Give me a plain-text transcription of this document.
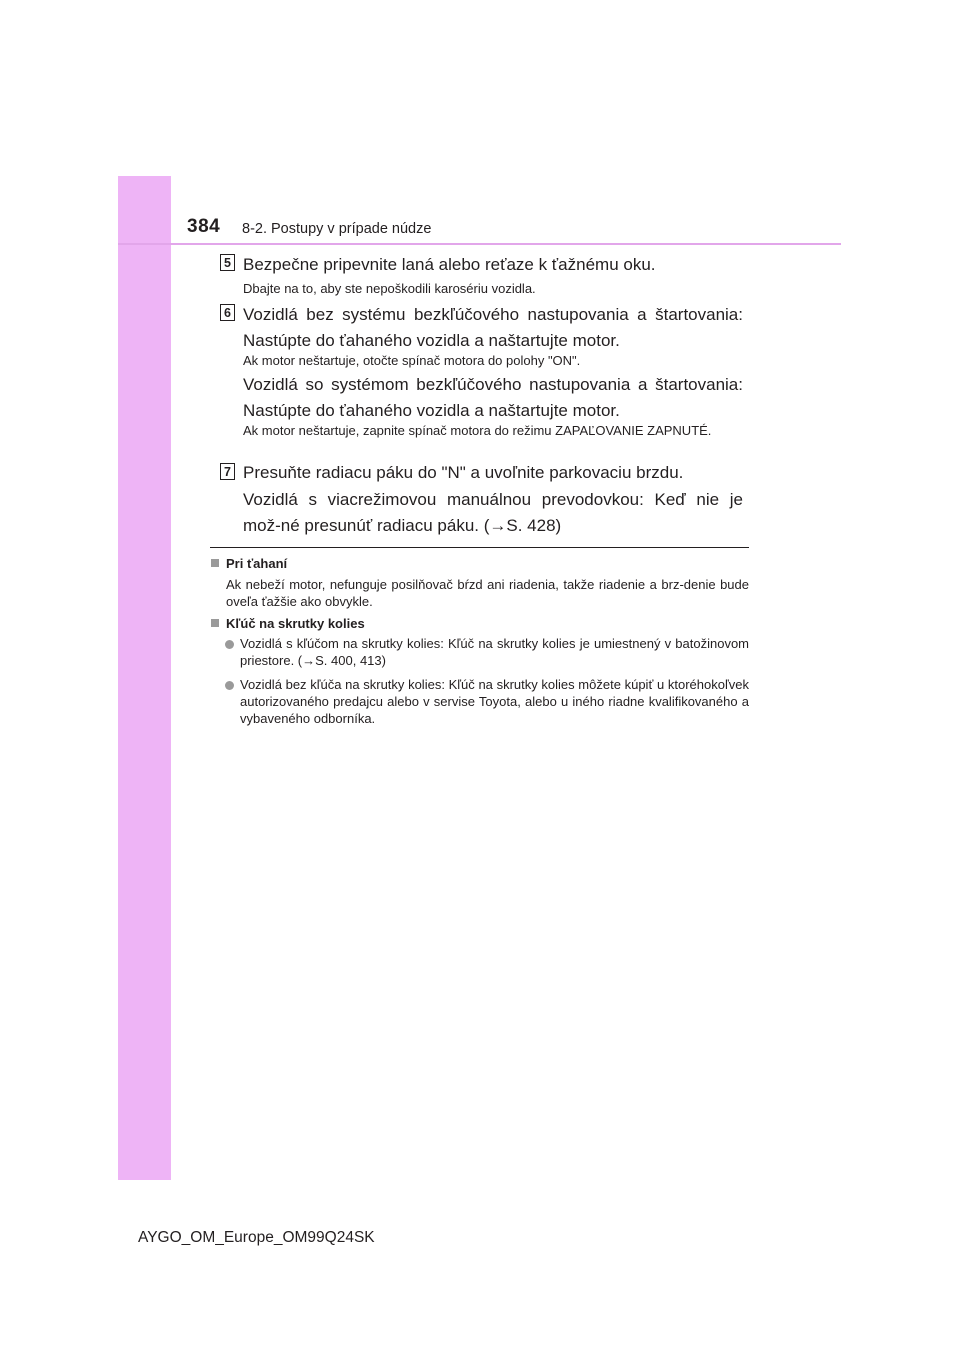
384 8-2. Postupy v prípade núdze
5 Bezpečne pripevnite laná alebo reťaze k ťažnému oku.
Dbajte na to, aby ste nepoškodili karosériu vozidla.
6 Vozidlá bez systému bezkľúčového nastupovania a štartovania: Nastúpte do ťahaného vozidla a naštartujte motor.
Ak motor neštartuje, otočte spínač motora do polohy "ON".
Vozidlá so systémom bezkľúčového nastupovania a štartovania: Nastúpte do ťahaného vozidla a naštartujte motor.
Ak motor neštartuje, zapnite spínač motora do režimu ZAPAĽOVANIE ZAPNUTÉ.
7 Presuňte radiacu páku do "N" a uvoľnite parkovaciu brzdu.
Vozidlá s viacrežimovou manuálnou prevodovkou: Keď nie je mož-né presunúť radiacu páku. (→S. 428)
Pri ťahaní
Ak nebeží motor, nefunguje posilňovač bŕzd ani riadenia, takže riadenie a brz-denie bude oveľa ťažšie ako obvykle.
Kľúč na skrutky kolies
Vozidlá s kľúčom na skrutky kolies: Kľúč na skrutky kolies je umiestnený v batožinovom priestore. (→S. 400, 413)
Vozidlá bez kľúča na skrutky kolies: Kľúč na skrutky kolies môžete kúpiť u ktoréhokoľvek autorizovaného predajcu alebo v servise Toyota, alebo u iného riadne kvalifikovaného a vybaveného odborníka.
AYGO_OM_Europe_OM99Q24SK
